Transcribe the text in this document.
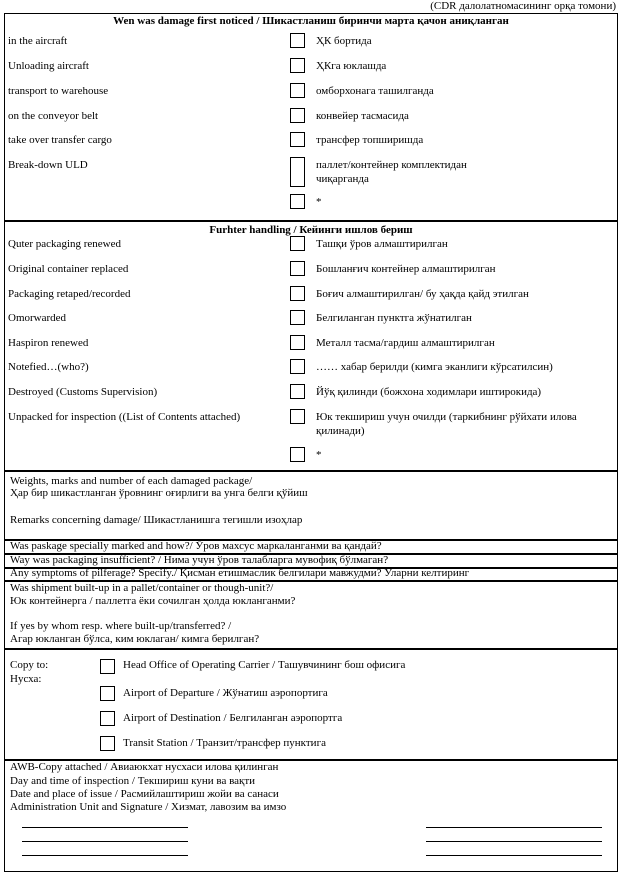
(CDR далолатномасининг орқа томони)
Wen was damage first noticed / Шикастланиш биринчи марта қачон аниқланган
in the aircraft	ҲК бортида
Unloading aircraft	ҲКга юклашда
transport to warehouse	омборхонага ташилганда
on the conveyor belt	конвейер тасмасида
take over transfer cargo	трансфер топширишда
Break-down ULD	паллет/контейнер комплектидан
чиқарганда
*
Furhter handling / Кейинги ишлов бериш
Quter packaging renewed	Ташқи ўров алмаштирилган
Original container replaced	Бошланғич контейнер алмаштирилган
Packaging retaped/recorded	Боғич алмаштирилган/ бу ҳақда қайд этилган
Omorwarded	Белгиланган пунктга жўнатилган
Haspiron renewed	Металл тасма/гардиш алмаштирилган
Notefied…(who?)	…… хабар берилди (кимга эканлиги кўрсатилсин)
Destroyed (Customs Supervision)	Йўқ қилинди (божхона ходимлари иштирокида)
Unpacked for inspection ((List of Contents attached)	Юк текшириш учун очилди (таркибнинг рўйхати илова
қилинади)
*
Weights, marks and number of each damaged package/
Ҳар бир шикастланган ўровнинг оғирлиги ва унга белги қўйиш
Remarks concerning damage/ Шикастланишга тегишли изоҳлар
Was paskage specially marked and how?/ Ўров махсус маркаланганми ва қандай?
Way was packaging insufficient? / Нима учун ўров талабларга мувофиқ бўлмаган?
Any symptoms of pilferage? Specify./ Қисман етишмаслик белгилари мавжудми? Уларни келтиринг
Was shipment built-up in a pallet/container or though-unit?/
Юк контейнерга / паллетга ёки сочилган ҳолда юкланганми?
If yes by whom resp. where built-up/transferred? /
Агар юкланган бўлса, ким юклаган/ кимга берилган?
Copy to:
Нусха:
Head Office of Operating Carrier / Ташувчининг бош офисига
Airport of Departure / Жўнатиш аэропортига
Airport of Destination / Белгиланган аэропортга
Transit Station / Транзит/трансфер пунктига
AWB-Copy attached / Авиаюкхат нусхаси илова қилинган
Day and time of inspection / Текшириш куни ва вақти
Date and place of issue / Расмийлаштириш жойи ва санаси
Administration Unit and Signature / Хизмат, лавозим ва имзо
